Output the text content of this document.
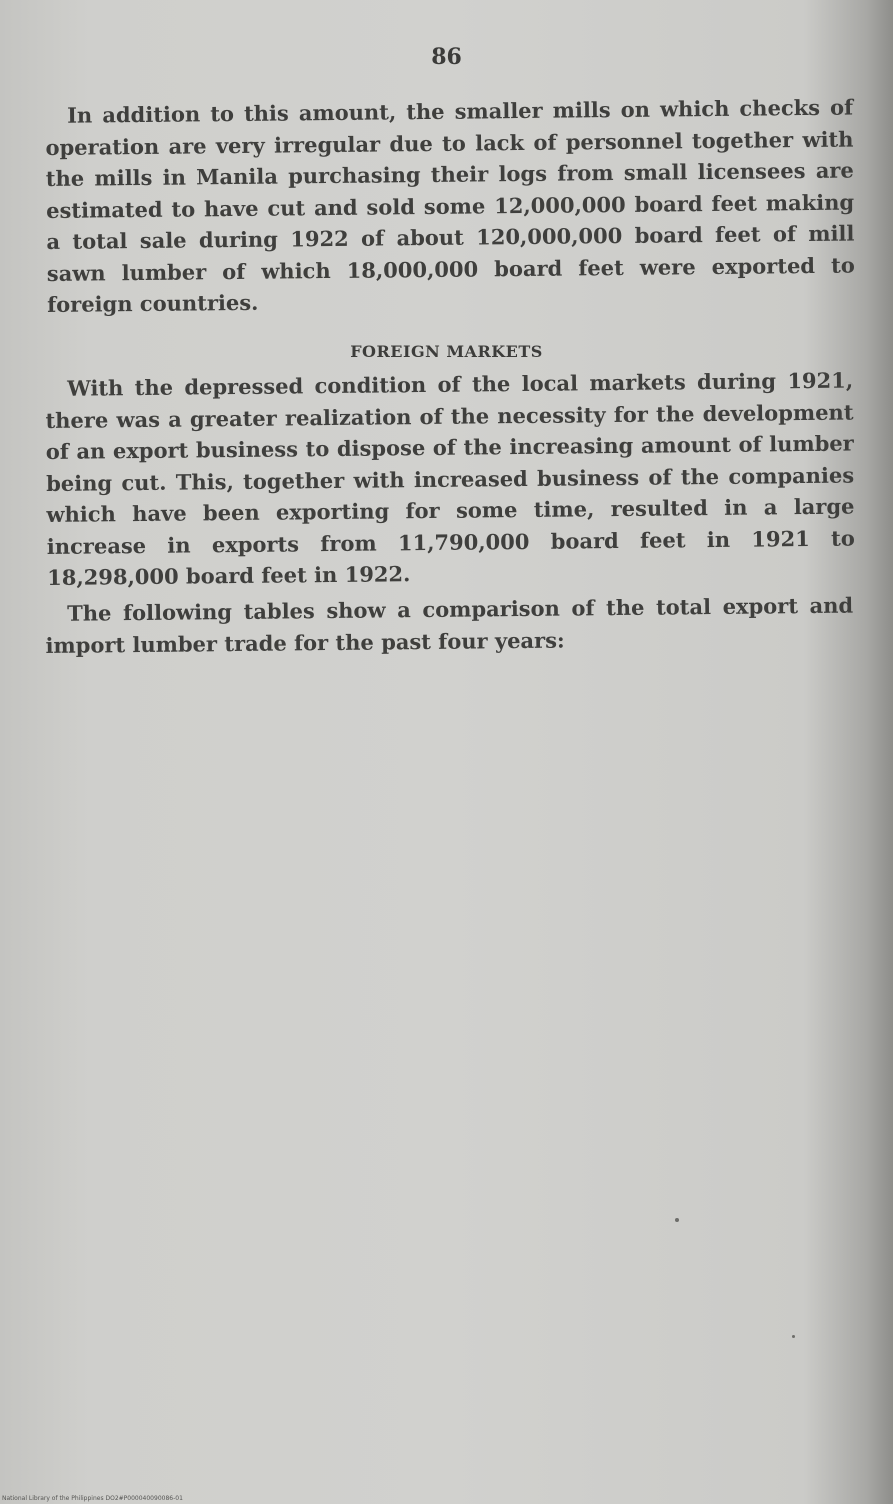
86

In addition to this amount, the smaller mills on which checks of operation are very irregular due to lack of personnel together with the mills in Manila purchasing their logs from small licensees are estimated to have cut and sold some 12,000,000 board feet making a total sale during 1922 of about 120,000,000 board feet of mill sawn lumber of which 18,000,000 board feet were exported to foreign countries.

FOREIGN MARKETS

With the depressed condition of the local markets during 1921, there was a greater realization of the necessity for the development of an export business to dispose of the increasing amount of lumber being cut. This, together with increased business of the companies which have been exporting for some time, resulted in a large increase in exports from 11,790,000 board feet in 1921 to 18,298,000 board feet in 1922.

The following tables show a comparison of the total export and import lumber trade for the past four years:

National Library of the Philippines DO2#P000040090086-01
